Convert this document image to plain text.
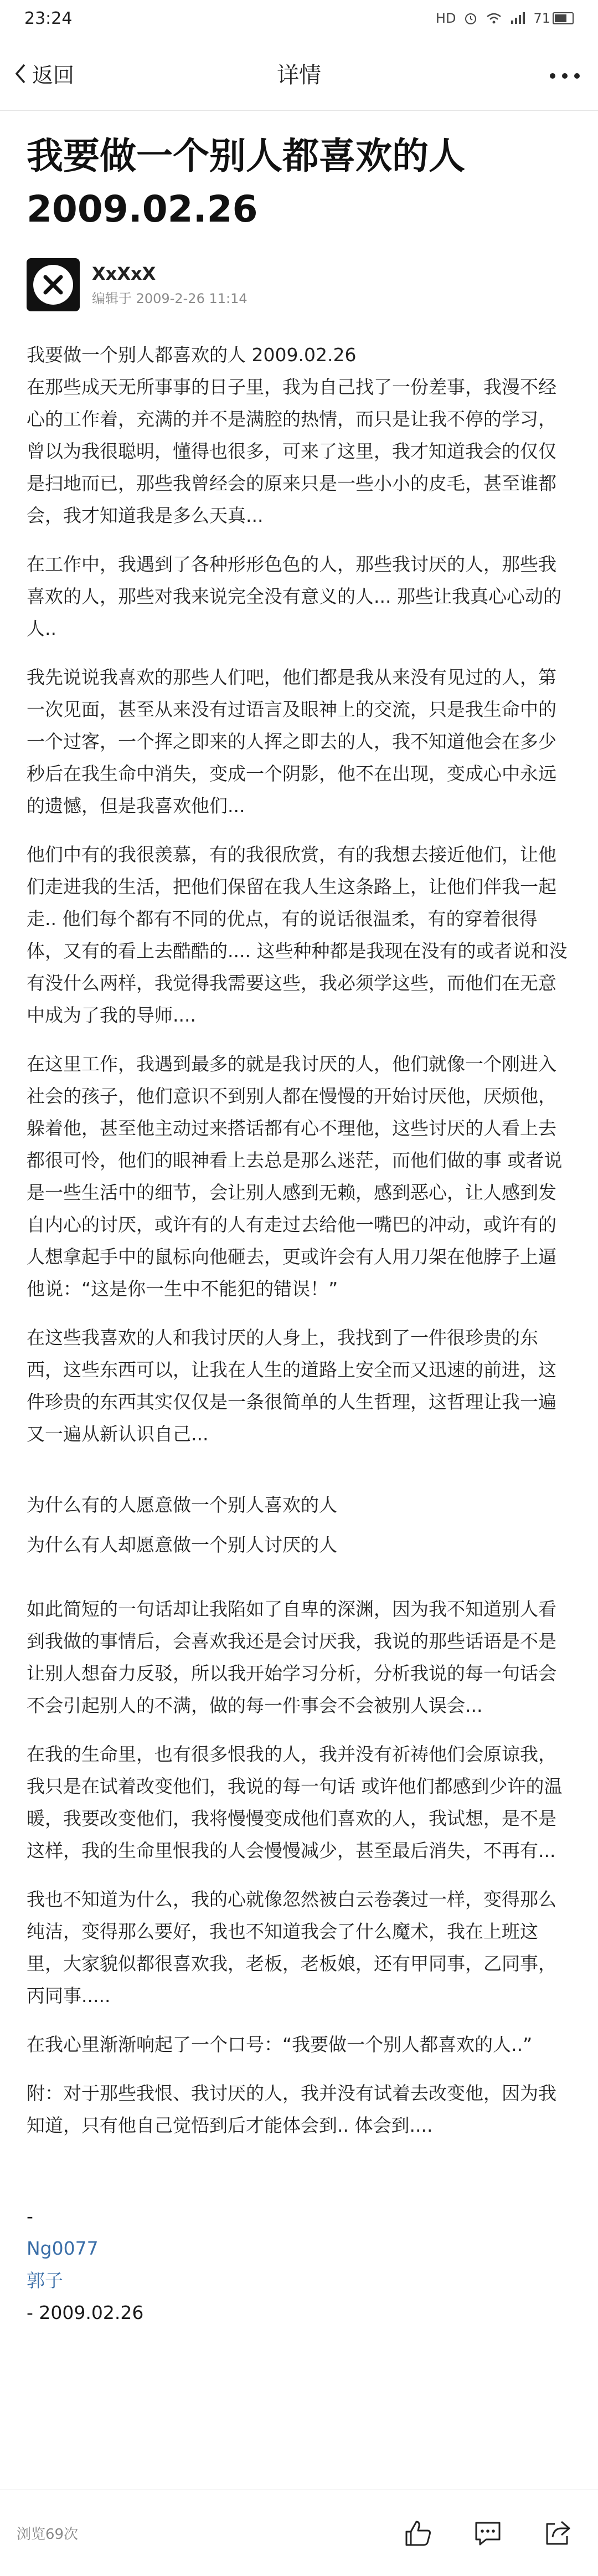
23:24	HD	71
返回	详情
我要做一个别人都喜欢的人 2009.02.26
XxXxX
编辑于 2009-2-26 11:14
我要做一个别人都喜欢的人 2009.02.26

在那些成天无所事事的日子里，我为自己找了一份差事，我漫不经心的工作着，充满的并不是满腔的热情，而只是让我不停的学习，曾以为我很聪明，懂得也很多，可来了这里，我才知道我会的仅仅是扫地而已，那些我曾经会的原来只是一些小小的皮毛，甚至谁都会，我才知道我是多么天真...

在工作中，我遇到了各种形形色色的人，那些我讨厌的人，那些我喜欢的人，那些对我来说完全没有意义的人... 那些让我真心心动的人..

我先说说我喜欢的那些人们吧，他们都是我从来没有见过的人，第一次见面，甚至从来没有过语言及眼神上的交流，只是我生命中的一个过客，一个挥之即来的人挥之即去的人，我不知道他会在多少秒后在我生命中消失，变成一个阴影，他不在出现，变成心中永远的遗憾，但是我喜欢他们...

他们中有的我很羡慕，有的我很欣赏，有的我想去接近他们，让他们走进我的生活，把他们保留在我人生这条路上，让他们伴我一起走.. 他们每个都有不同的优点，有的说话很温柔，有的穿着很得体，又有的看上去酷酷的.... 这些种种都是我现在没有的或者说和没有没什么两样，我觉得我需要这些，我必须学这些，而他们在无意中成为了我的导师....

在这里工作，我遇到最多的就是我讨厌的人，他们就像一个刚进入社会的孩子，他们意识不到别人都在慢慢的开始讨厌他，厌烦他，躲着他，甚至他主动过来搭话都有心不理他，这些讨厌的人看上去都很可怜，他们的眼神看上去总是那么迷茫，而他们做的事 或者说是一些生活中的细节，会让别人感到无赖，感到恶心，让人感到发自内心的讨厌，或许有的人有走过去给他一嘴巴的冲动，或许有的人想拿起手中的鼠标向他砸去，更或许会有人用刀架在他脖子上逼他说：“这是你一生中不能犯的错误！”

在这些我喜欢的人和我讨厌的人身上，我找到了一件很珍贵的东西，这些东西可以，让我在人生的道路上安全而又迅速的前进，这件珍贵的东西其实仅仅是一条很简单的人生哲理，这哲理让我一遍又一遍从新认识自己...

为什么有的人愿意做一个别人喜欢的人
为什么有人却愿意做一个别人讨厌的人

如此简短的一句话却让我陷如了自卑的深渊，因为我不知道别人看到我做的事情后，会喜欢我还是会讨厌我，我说的那些话语是不是让别人想奋力反驳，所以我开始学习分析，分析我说的每一句话会不会引起别人的不满，做的每一件事会不会被别人误会...

在我的生命里，也有很多恨我的人，我并没有祈祷他们会原谅我，我只是在试着改变他们，我说的每一句话 或许他们都感到少许的温暖，我要改变他们，我将慢慢变成他们喜欢的人，我试想，是不是这样，我的生命里恨我的人会慢慢减少，甚至最后消失，不再有...

我也不知道为什么，我的心就像忽然被白云卷袭过一样，变得那么纯洁，变得那么要好，我也不知道我会了什么魔术，我在上班这里，大家貌似都很喜欢我，老板，老板娘，还有甲同事，乙同事，丙同事.....

在我心里渐渐响起了一个口号：“我要做一个别人都喜欢的人..”

附：对于那些我恨、我讨厌的人，我并没有试着去改变他，因为我知道，只有他自己觉悟到后才能体会到.. 体会到....

-
Ng0077
郭子
- 2009.02.26
浏览69次
